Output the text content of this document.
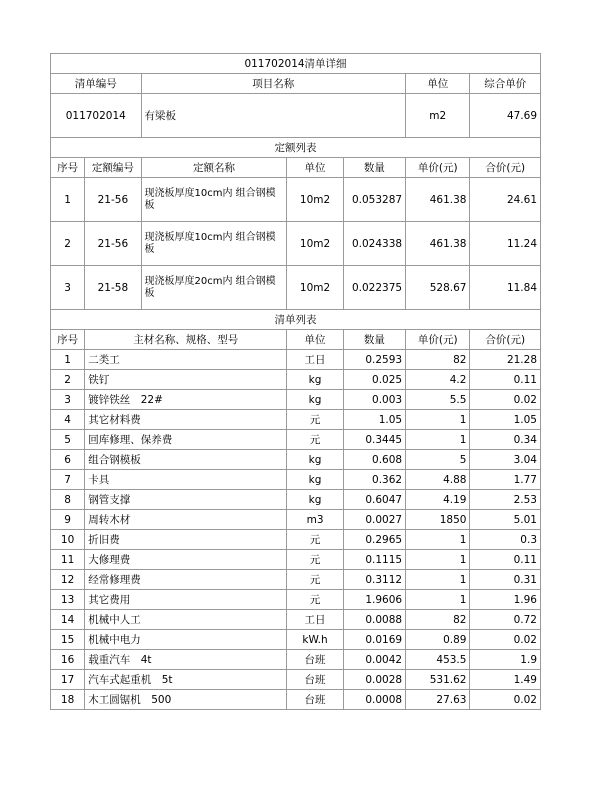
011702014清单详细						
清单编号		项目名称			单位	综合单价
011702014		有梁板			m2	47.69
定额列表						
序号	定额编号	定额名称	单位	数量	单价(元)	合价(元)
1	21-56	现浇板厚度10cm内 组合钢模板	10m2	0.053287	461.38	24.61
2	21-56	现浇板厚度10cm内 组合钢模板	10m2	0.024338	461.38	11.24
3	21-58	现浇板厚度20cm内 组合钢模板	10m2	0.022375	528.67	11.84
清单列表						
序号	主材名称、规格、型号		单位	数量	单价(元)	合价(元)
1	二类工		工日	0.2593	82	21.28
2	铁钉		kg	0.025	4.2	0.11
3	镀锌铁丝　22#		kg	0.003	5.5	0.02
4	其它材料费		元	1.05	1	1.05
5	回库修理、保养费		元	0.3445	1	0.34
6	组合钢模板		kg	0.608	5	3.04
7	卡具		kg	0.362	4.88	1.77
8	钢管支撑		kg	0.6047	4.19	2.53
9	周转木材		m3	0.0027	1850	5.01
10	折旧费		元	0.2965	1	0.3
11	大修理费		元	0.1115	1	0.11
12	经常修理费		元	0.3112	1	0.31
13	其它费用		元	1.9606	1	1.96
14	机械中人工		工日	0.0088	82	0.72
15	机械中电力		kW.h	0.0169	0.89	0.02
16	载重汽车　4t		台班	0.0042	453.5	1.9
17	汽车式起重机　5t		台班	0.0028	531.62	1.49
18	木工圆锯机　500		台班	0.0008	27.63	0.02
